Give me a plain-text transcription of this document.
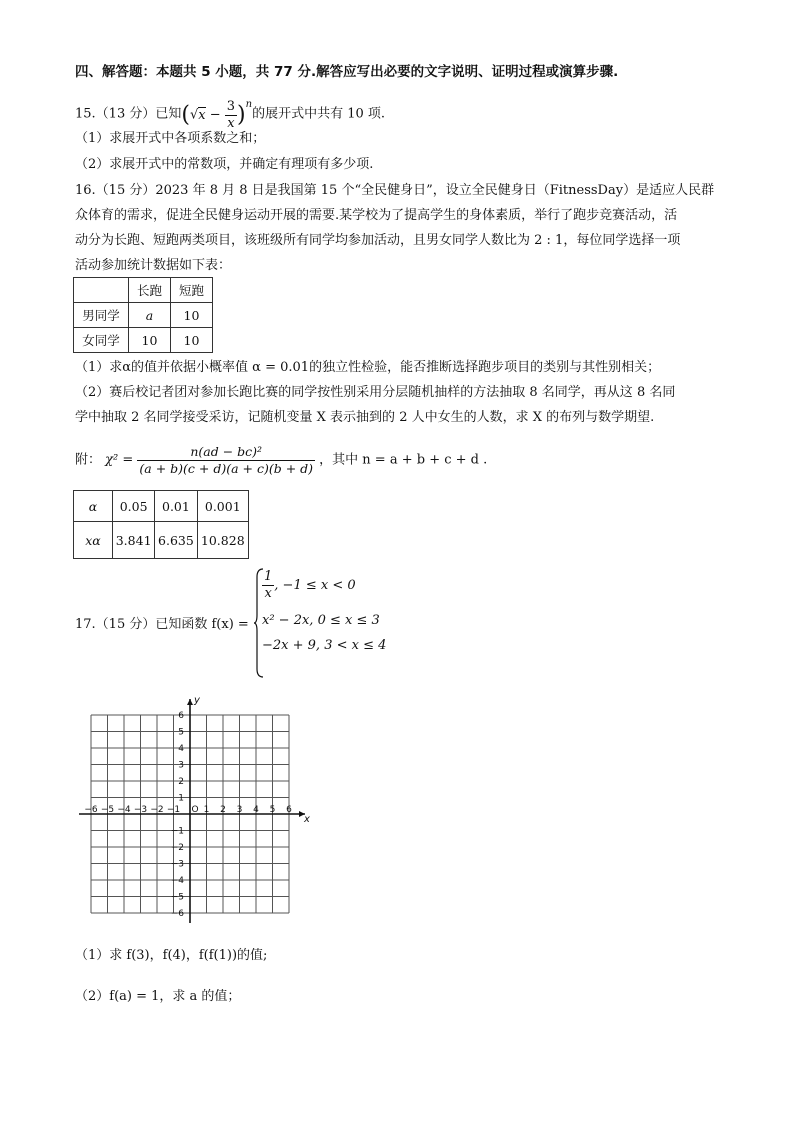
四、解答题：本题共 5 小题，共 77 分.解答应写出必要的文字说明、证明过程或演算步骤.
15.（13 分）已知$(√x - \frac{3}{x} )^n$的展开式中共有 10 项.
（1）求展开式中各项系数之和；
（2）求展开式中的常数项，并确定有理项有多少项.
16.（15 分）2023 年 8 月 8 日是我国第 15 个“全民健身日”，设立全民健身日（FitnessDay）是适应人民群
众体育的需求，促进全民健身运动开展的需要.某学校为了提高学生的身体素质，举行了跑步竞赛活动，活
动分为长跑、短跑两类项目，该班级所有同学均参加活动，且男女同学人数比为 2 : 1，每位同学选择一项
活动参加统计数据如下表：
	长跑	短跑
男同学	a	10
女同学	10	10
（1）求α的值并依据小概率值 α = 0.01的独立性检验，能否推断选择跑步项目的类别与其性别相关；
（2）赛后校记者团对参加长跑比赛的同学按性别采用分层随机抽样的方法抽取 8 名同学，再从这 8 名同
学中抽取 2 名同学接受采访，记随机变量 X 表示抽到的 2 人中女生的人数，求 X 的布列与数学期望.
附： $\chi^2 = \frac{\text{n(ad − bc)²}}{(a + b)(c + d)(a + c)(b + d)}$ ，其中 n = a + b + c + d .
α	0.05	0.01	0.001
xα	3.841	6.635	10.828
17.（15 分）已知函数 f(x) =
$\frac{1}{x}$ , −1 ≤ x < 0
x² − 2x, 0 ≤ x ≤ 3
−2x + 9, 3 < x ≤ 4
x
y
O
−6 −5 −4 −3 −2 −1	1 2 3 4 5 6
6
5
4
3
2
1
−1
−2
−3
−4
−5
−6
（1）求 f(3)，f(4)，f(f(1))的值;
（2）f(a) = 1，求 a 的值；
